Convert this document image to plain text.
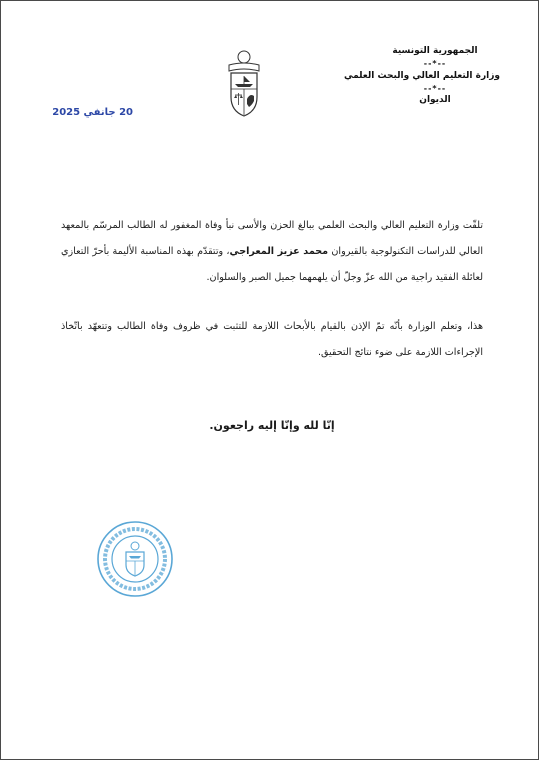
الجمهورية التونسية
--*--
وزارة التعليم العالي والبحث العلمي
--*--
الديوان
20 جانفي 2025
تلقّت وزارة التعليم العالي والبحث العلمي ببالغ الحزن والأسى نبأ وفاة المغفور له الطالب المرسّم بالمعهد العالي للدراسات التكنولوجية بالقيروان محمد عزيز المعراجي، وتتقدّم بهذه المناسبة الأليمة بأحرّ التعازي لعائلة الفقيد راجية من الله عزّ وجلّ أن يلهمهما جميل الصبر والسلوان.
هذا، وتعلم الوزارة بأنّه تمّ الإذن بالقيام بالأبحاث اللازمة للتثبت في ظروف وفاة الطالب وتتعهّد باتّخاذ الإجراءات اللازمة على ضوء نتائج التحقيق.
إنّا لله وإنّا إليه راجعون.
